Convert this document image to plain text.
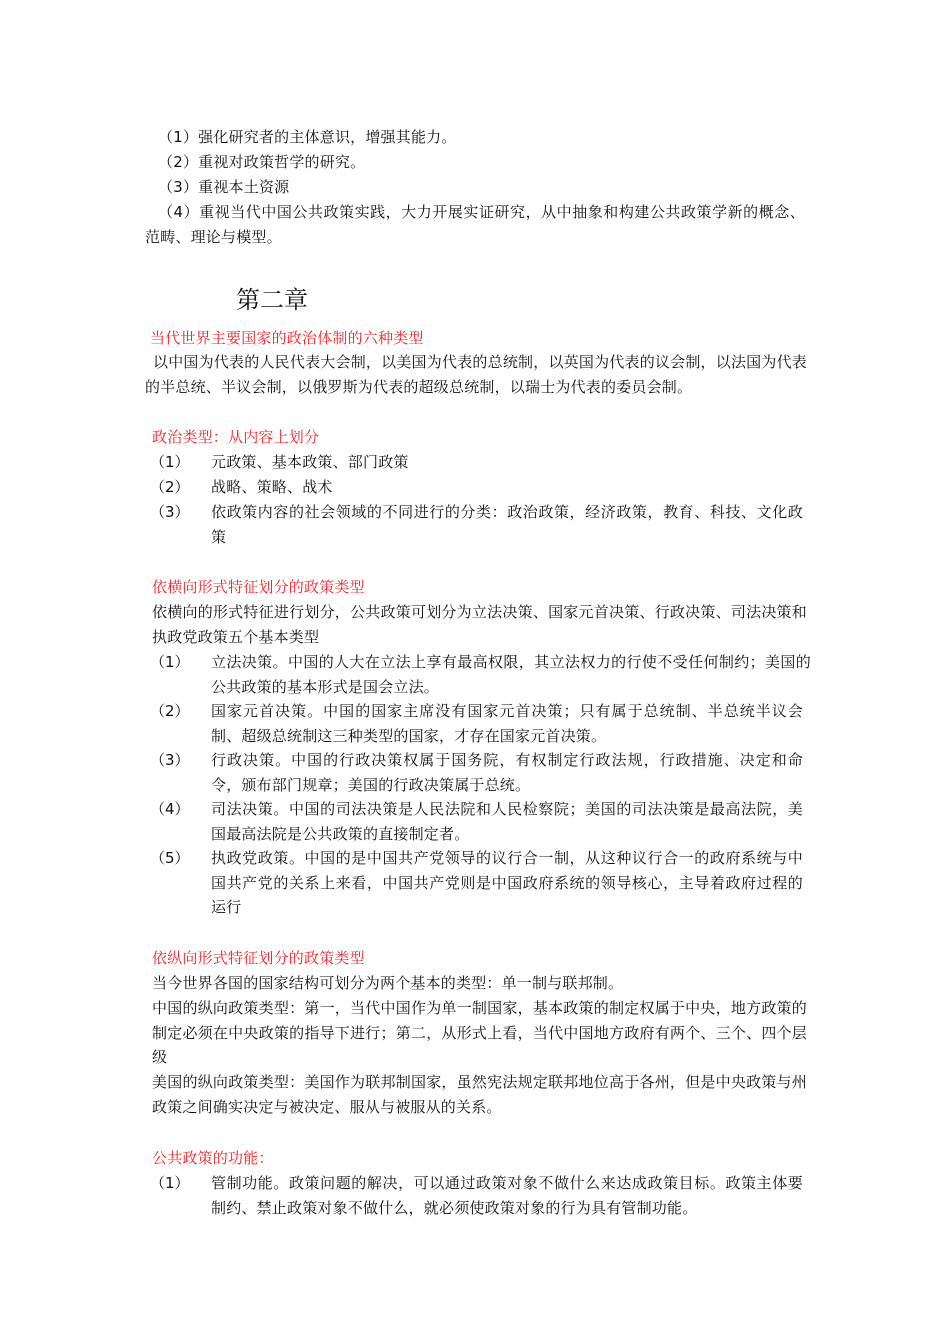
（1）强化研究者的主体意识，增强其能力。
（2）重视对政策哲学的研究。
（3）重视本土资源
（4）重视当代中国公共政策实践，大力开展实证研究，从中抽象和构建公共政策学新的概念、范畴、理论与模型。
第二章
当代世界主要国家的政治体制的六种类型
以中国为代表的人民代表大会制，以美国为代表的总统制，以英国为代表的议会制，以法国为代表的半总统、半议会制，以俄罗斯为代表的超级总统制，以瑞士为代表的委员会制。
政治类型：从内容上划分
（1） 元政策、基本政策、部门政策
（2） 战略、策略、战术
（3） 依政策内容的社会领域的不同进行的分类：政治政策，经济政策，教育、科技、文化政策
依横向形式特征划分的政策类型
依横向的形式特征进行划分，公共政策可划分为立法决策、国家元首决策、行政决策、司法决策和执政党政策五个基本类型
（1） 立法决策。中国的人大在立法上享有最高权限，其立法权力的行使不受任何制约；美国的公共政策的基本形式是国会立法。
（2） 国家元首决策。中国的国家主席没有国家元首决策；只有属于总统制、半总统半议会制、超级总统制这三种类型的国家，才存在国家元首决策。
（3） 行政决策。中国的行政决策权属于国务院，有权制定行政法规，行政措施、决定和命令，颁布部门规章；美国的行政决策属于总统。
（4） 司法决策。中国的司法决策是人民法院和人民检察院；美国的司法决策是最高法院，美国最高法院是公共政策的直接制定者。
（5） 执政党政策。中国的是中国共产党领导的议行合一制，从这种议行合一的政府系统与中国共产党的关系上来看，中国共产党则是中国政府系统的领导核心，主导着政府过程的运行
依纵向形式特征划分的政策类型
当今世界各国的国家结构可划分为两个基本的类型：单一制与联邦制。
中国的纵向政策类型：第一，当代中国作为单一制国家，基本政策的制定权属于中央，地方政策的制定必须在中央政策的指导下进行；第二，从形式上看，当代中国地方政府有两个、三个、四个层级
美国的纵向政策类型：美国作为联邦制国家，虽然宪法规定联邦地位高于各州，但是中央政策与州政策之间确实决定与被决定、服从与被服从的关系。
公共政策的功能：
（1） 管制功能。政策问题的解决，可以通过政策对象不做什么来达成政策目标。政策主体要制约、禁止政策对象不做什么，就必须使政策对象的行为具有管制功能。
